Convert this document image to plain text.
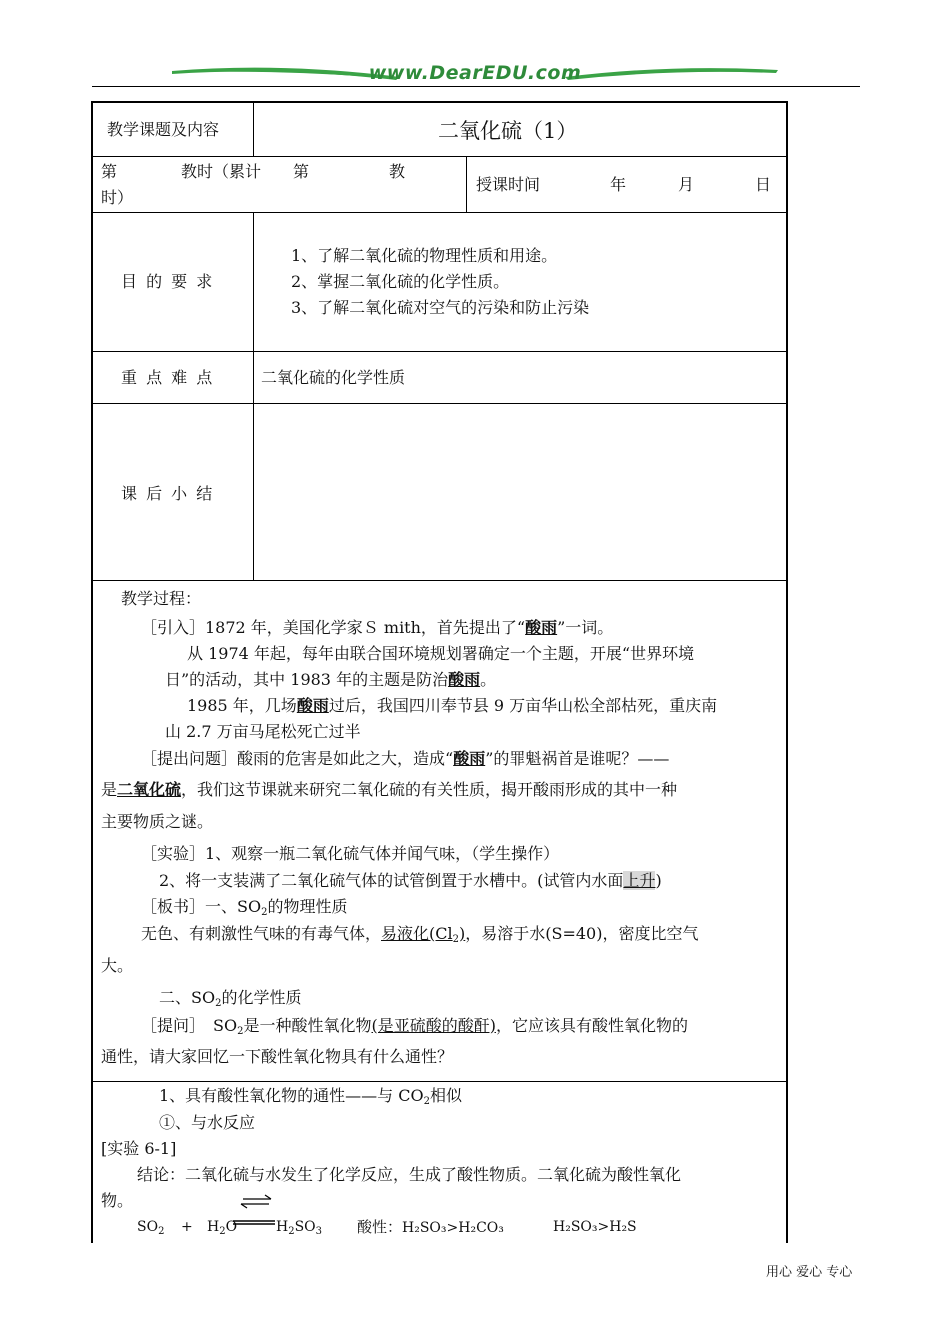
www.DearEDU.com
教学课题及内容	二氧化硫（1）
第　　　　教时（累计　　第　　　　　教
时）
授课时间	年	月	日
目 的 要 求
1、了解二氧化硫的物理性质和用途。
2、掌握二氧化硫的化学性质。
3、了解二氧化硫对空气的污染和防止污染
重 点 难 点	二氧化硫的化学性质
课 后 小 结
教学过程：
［引入］1872 年，美国化学家Ｓ mith，首先提出了“酸雨”一词。
从 1974 年起，每年由联合国环境规划署确定一个主题，开展“世界环境
日”的活动，其中 1983 年的主题是防治酸雨。
1985 年，几场酸雨过后，我国四川奉节县 9 万亩华山松全部枯死，重庆南
山 2.7 万亩马尾松死亡过半
［提出问题］酸雨的危害是如此之大，造成“酸雨”的罪魁祸首是谁呢？——
是二氧化硫，我们这节课就来研究二氧化硫的有关性质，揭开酸雨形成的其中一种
主要物质之谜。
［实验］1、观察一瓶二氧化硫气体并闻气味，（学生操作）
2、将一支装满了二氧化硫气体的试管倒置于水槽中。(试管内水面上升)
［板书］一、$SO_2$的物理性质
无色、有刺激性气味的有毒气体，易液化$(Cl_2)$，易溶于水(S=40)，密度比空气
大。
二、$SO_2$的化学性质
［提问］　$SO_2$是一种酸性氧化物(是亚硫酸的酸酐)，它应该具有酸性氧化物的
通性，请大家回忆一下酸性氧化物具有什么通性？
1、具有酸性氧化物的通性——与 $CO_2$相似
①、与水反应
[实验 6-1]
结论：二氧化硫与水发生了化学反应，生成了酸性物质。二氧化硫为酸性氧化
物。
$SO_2 + H_2O$	$H_2SO_3$ 酸性：H₂SO₃>H₂CO₃	H₂SO₃>H₂S
用心 爱心 专心
